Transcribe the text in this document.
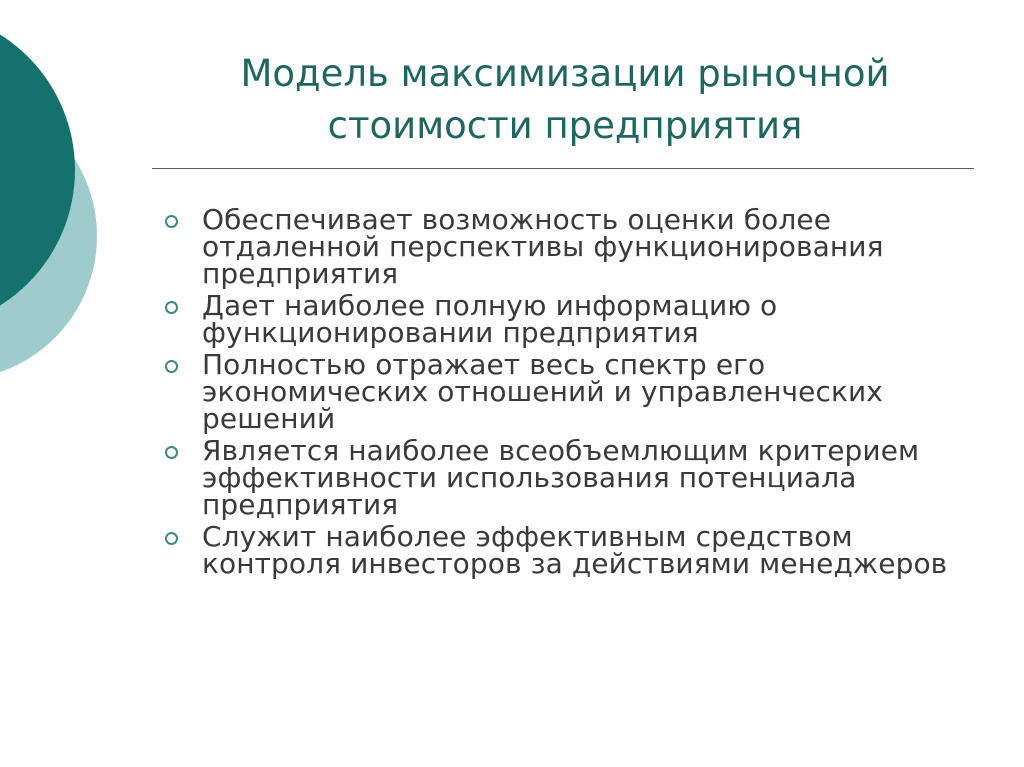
Модель максимизации рыночной
стоимости предприятия
Обеспечивает возможность оценки более отдаленной перспективы функционирования предприятия
Дает наиболее полную информацию о функционировании предприятия
Полностью отражает весь спектр его экономических отношений и управленческих решений
Является наиболее всеобъемлющим критерием эффективности использования потенциала предприятия
Служит наиболее эффективным средством контроля инвесторов за действиями менеджеров
